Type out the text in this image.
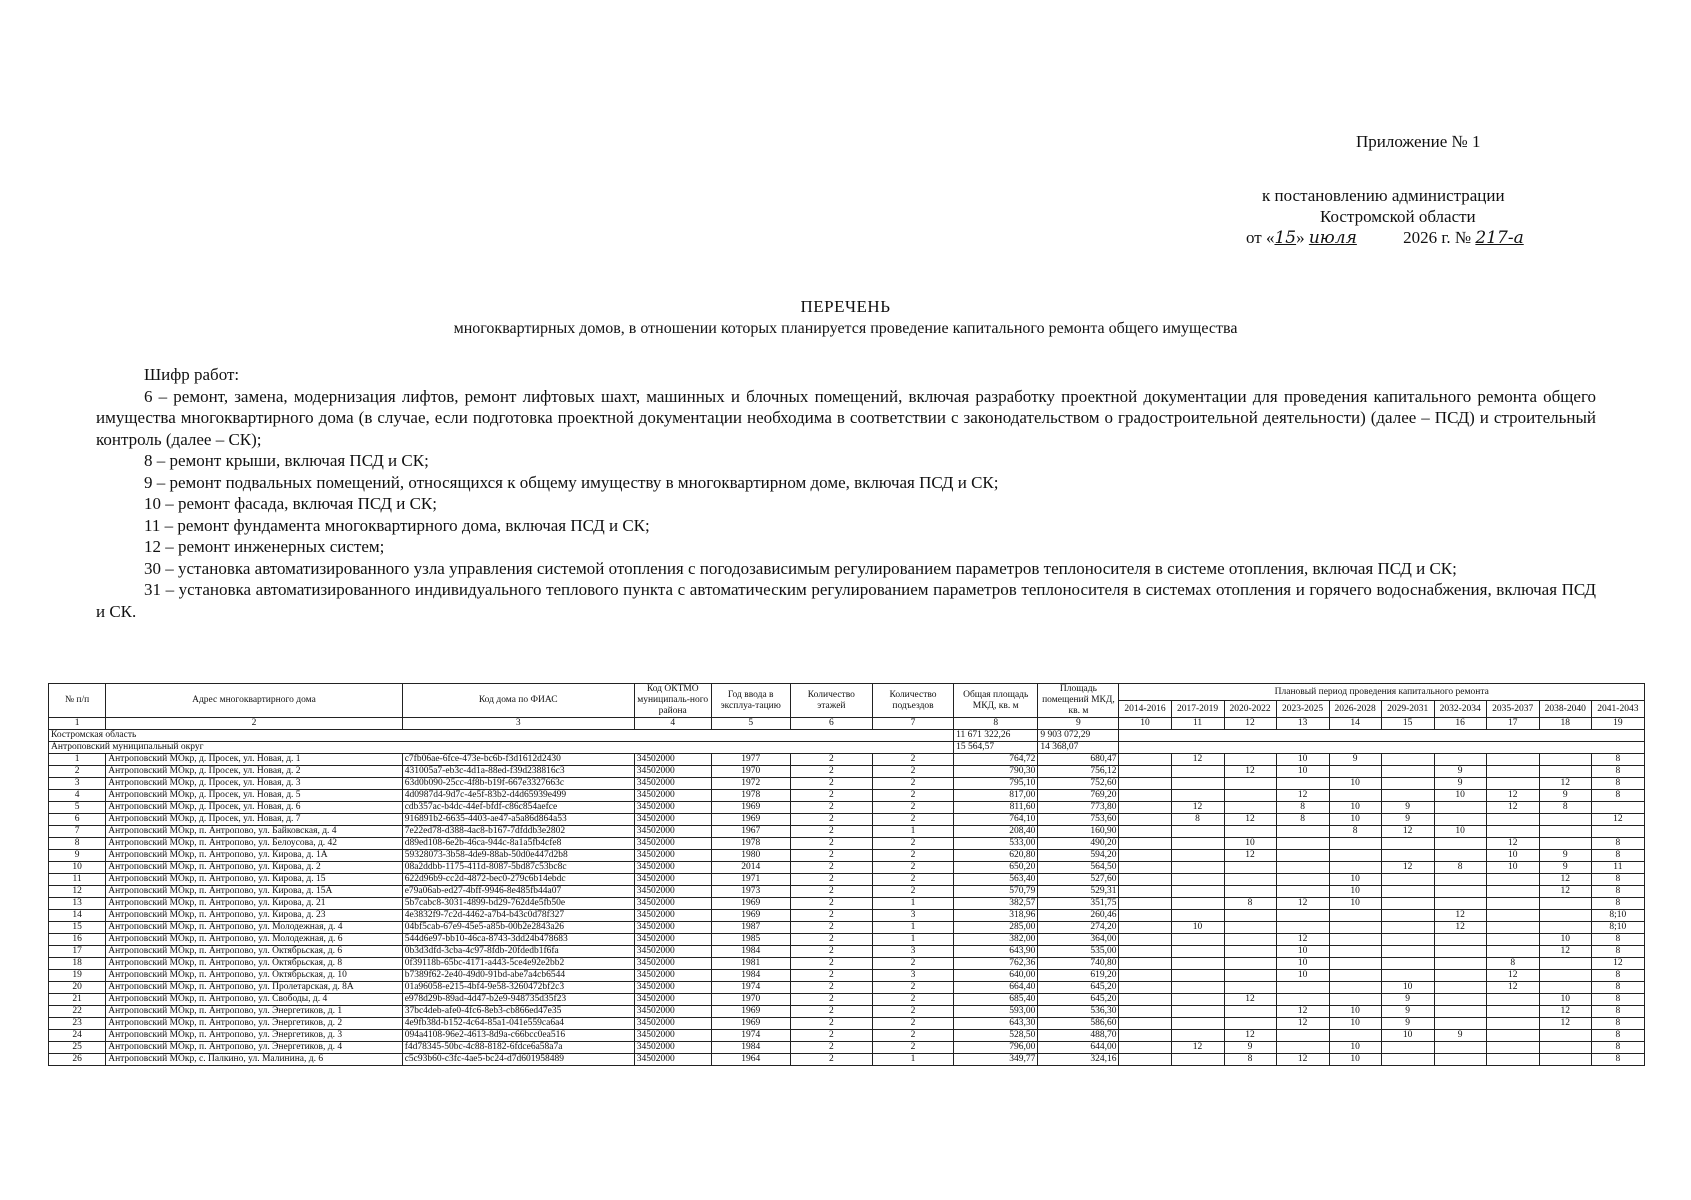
Приложение № 1
к постановлению администрации
Костромской области
от «15» июля	2026 г. № 217-а
ПЕРЕЧЕНЬ
многоквартирных домов, в отношении которых планируется проведение капитального ремонта общего имущества
Шифр работ:

6 – ремонт, замена, модернизация лифтов, ремонт лифтовых шахт, машинных и блочных помещений, включая разработку проектной документации для проведения капитального ремонта общего имущества многоквартирного дома (в случае, если подготовка проектной документации необходима в соответствии с законодательством о градостроительной деятельности) (далее – ПСД) и строительный контроль (далее – СК);

8 – ремонт крыши, включая ПСД и СК;

9 – ремонт подвальных помещений, относящихся к общему имуществу в многоквартирном доме, включая ПСД и СК;

10 – ремонт фасада, включая ПСД и СК;

11 – ремонт фундамента многоквартирного дома, включая ПСД и СК;

12 – ремонт инженерных систем;

30 – установка автоматизированного узла управления системой отопления с погодозависимым регулированием параметров теплоносителя в системе отопления, включая ПСД и СК;

31 – установка автоматизированного индивидуального теплового пункта с автоматическим регулированием параметров теплоносителя в системах отопления и горячего водоснабжения, включая ПСД и СК.

№ п/п	Адрес многоквартирного дома	Код дома по ФИАС	Код ОКТМО муниципаль-ного района	Год ввода в эксплуа-тацию	Количество этажей	Количество подъездов	Общая площадь МКД, кв. м	Площадь помещений МКД, кв. м	Плановый период проведения капитального ремонта									
									2014-2016	2017-2019	2020-2022	2023-2025	2026-2028	2029-2031	2032-2034	2035-2037	2038-2040	2041-2043
1	2	3	4	5	6	7	8	9	10	11	12	13	14	15	16	17	18	19
Костромская область							11 671 322,26	9 903 072,29										
Антроповский муниципальный округ							15 564,57	14 368,07										
1	Антроповский МОкр, д. Просек, ул. Новая, д. 1	c7fb06ae-6fce-473e-bc6b-f3d1612d2430	34502000	1977	2	2	764,72	680,47		12		10	9					8
2	Антроповский МОкр, д. Просек, ул. Новая, д. 2	431005a7-eb3c-4d1a-88ed-f39d238816c3	34502000	1970	2	2	790,30	756,12			12	10			9			8
3	Антроповский МОкр, д. Просек, ул. Новая, д. 3	63d0b090-25cc-4f8b-b19f-667e3327663c	34502000	1972	2	2	795,10	752,60					10		9		12	8
4	Антроповский МОкр, д. Просек, ул. Новая, д. 5	4d0987d4-9d7c-4e5f-83b2-d4d65939e499	34502000	1978	2	2	817,00	769,20				12			10	12	9	8
5	Антроповский МОкр, д. Просек, ул. Новая, д. 6	cdb357ac-b4dc-44ef-bfdf-c86c854aefce	34502000	1969	2	2	811,60	773,80		12		8	10	9		12	8	
6	Антроповский МОкр, д. Просек, ул. Новая, д. 7	916891b2-6635-4403-ae47-a5a86d864a53	34502000	1969	2	2	764,10	753,60		8	12	8	10	9				12
7	Антроповский МОкр, п. Антропово, ул. Байковская, д. 4	7e22ed78-d388-4ac8-b167-7dfddb3e2802	34502000	1967	2	1	208,40	160,90					8	12	10			
8	Антроповский МОкр, п. Антропово, ул. Белоусова, д. 42	d89ed108-6e2b-46ca-944c-8a1a5fb4cfe8	34502000	1978	2	2	533,00	490,20			10					12		8
9	Антроповский МОкр, п. Антропово, ул. Кирова, д. 1А	59328073-3b58-4de9-88ab-50d0e447d2b8	34502000	1980	2	2	620,80	594,20			12					10	9	8
10	Антроповский МОкр, п. Антропово, ул. Кирова, д. 2	08a2ddbb-1175-411d-8087-5bd87c53bc8c	34502000	2014	2	2	650,20	564,50						12	8	10	9	11
11	Антроповский МОкр, п. Антропово, ул. Кирова, д. 15	622d96b9-cc2d-4872-bec0-279c6b14ebdc	34502000	1971	2	2	563,40	527,60					10				12	8
12	Антроповский МОкр, п. Антропово, ул. Кирова, д. 15А	e79a06ab-ed27-4bff-9946-8e485fb44a07	34502000	1973	2	2	570,79	529,31					10				12	8
13	Антроповский МОкр, п. Антропово, ул. Кирова, д. 21	5b7cabc8-3031-4899-bd29-762d4e5fb50e	34502000	1969	2	1	382,57	351,75			8	12	10					8
14	Антроповский МОкр, п. Антропово, ул. Кирова, д. 23	4e3832f9-7c2d-4462-a7b4-b43c0d78f327	34502000	1969	2	3	318,96	260,46							12			8;10
15	Антроповский МОкр, п. Антропово, ул. Молодежная, д. 4	04bf5cab-67e9-45e5-a85b-00b2e2843a26	34502000	1987	2	1	285,00	274,20		10					12			8;10
16	Антроповский МОкр, п. Антропово, ул. Молодежная, д. 6	544d6e97-bb10-46ca-8743-3dd24b478683	34502000	1985	2	1	382,00	364,00				12					10	8
17	Антроповский МОкр, п. Антропово, ул. Октябрьская, д. 6	0b3d3dfd-3cba-4c97-8fdb-20fdedb1f6fa	34502000	1984	2	3	643,90	535,00				10					12	8
18	Антроповский МОкр, п. Антропово, ул. Октябрьская, д. 8	0f39118b-65bc-4171-a443-5ce4e92e2bb2	34502000	1981	2	2	762,36	740,80				10				8		12
19	Антроповский МОкр, п. Антропово, ул. Октябрьская, д. 10	b7389f62-2e40-49d0-91bd-abe7a4cb6544	34502000	1984	2	3	640,00	619,20				10				12		8
20	Антроповский МОкр, п. Антропово, ул. Пролетарская, д. 8А	01a96058-e215-4bf4-9e58-3260472bf2c3	34502000	1974	2	2	664,40	645,20						10		12		8
21	Антроповский МОкр, п. Антропово, ул. Свободы, д. 4	e978d29b-89ad-4d47-b2e9-948735d35f23	34502000	1970	2	2	685,40	645,20			12			9			10	8
22	Антроповский МОкр, п. Антропово, ул. Энергетиков, д. 1	37bc4deb-afe0-4fc6-8eb3-cb866ed47e35	34502000	1969	2	2	593,00	536,30				12	10	9			12	8
23	Антроповский МОкр, п. Антропово, ул. Энергетиков, д. 2	4e9fb38d-b152-4c64-85a1-041e559ca6a4	34502000	1969	2	2	643,30	586,60				12	10	9			12	8
24	Антроповский МОкр, п. Антропово, ул. Энергетиков, д. 3	094a4108-96e2-4613-8d9a-c66bcc0ea516	34502000	1974	2	2	528,50	488,70			12			10	9			8
25	Антроповский МОкр, п. Антропово, ул. Энергетиков, д. 4	f4d78345-50bc-4c88-8182-6fdce6a58a7a	34502000	1984	2	2	796,00	644,00		12	9		10					8
26	Антроповский МОкр, с. Палкино, ул. Малинина, д. 6	c5c93b60-c3fc-4ae5-bc24-d7d601958489	34502000	1964	2	1	349,77	324,16			8	12	10					8
